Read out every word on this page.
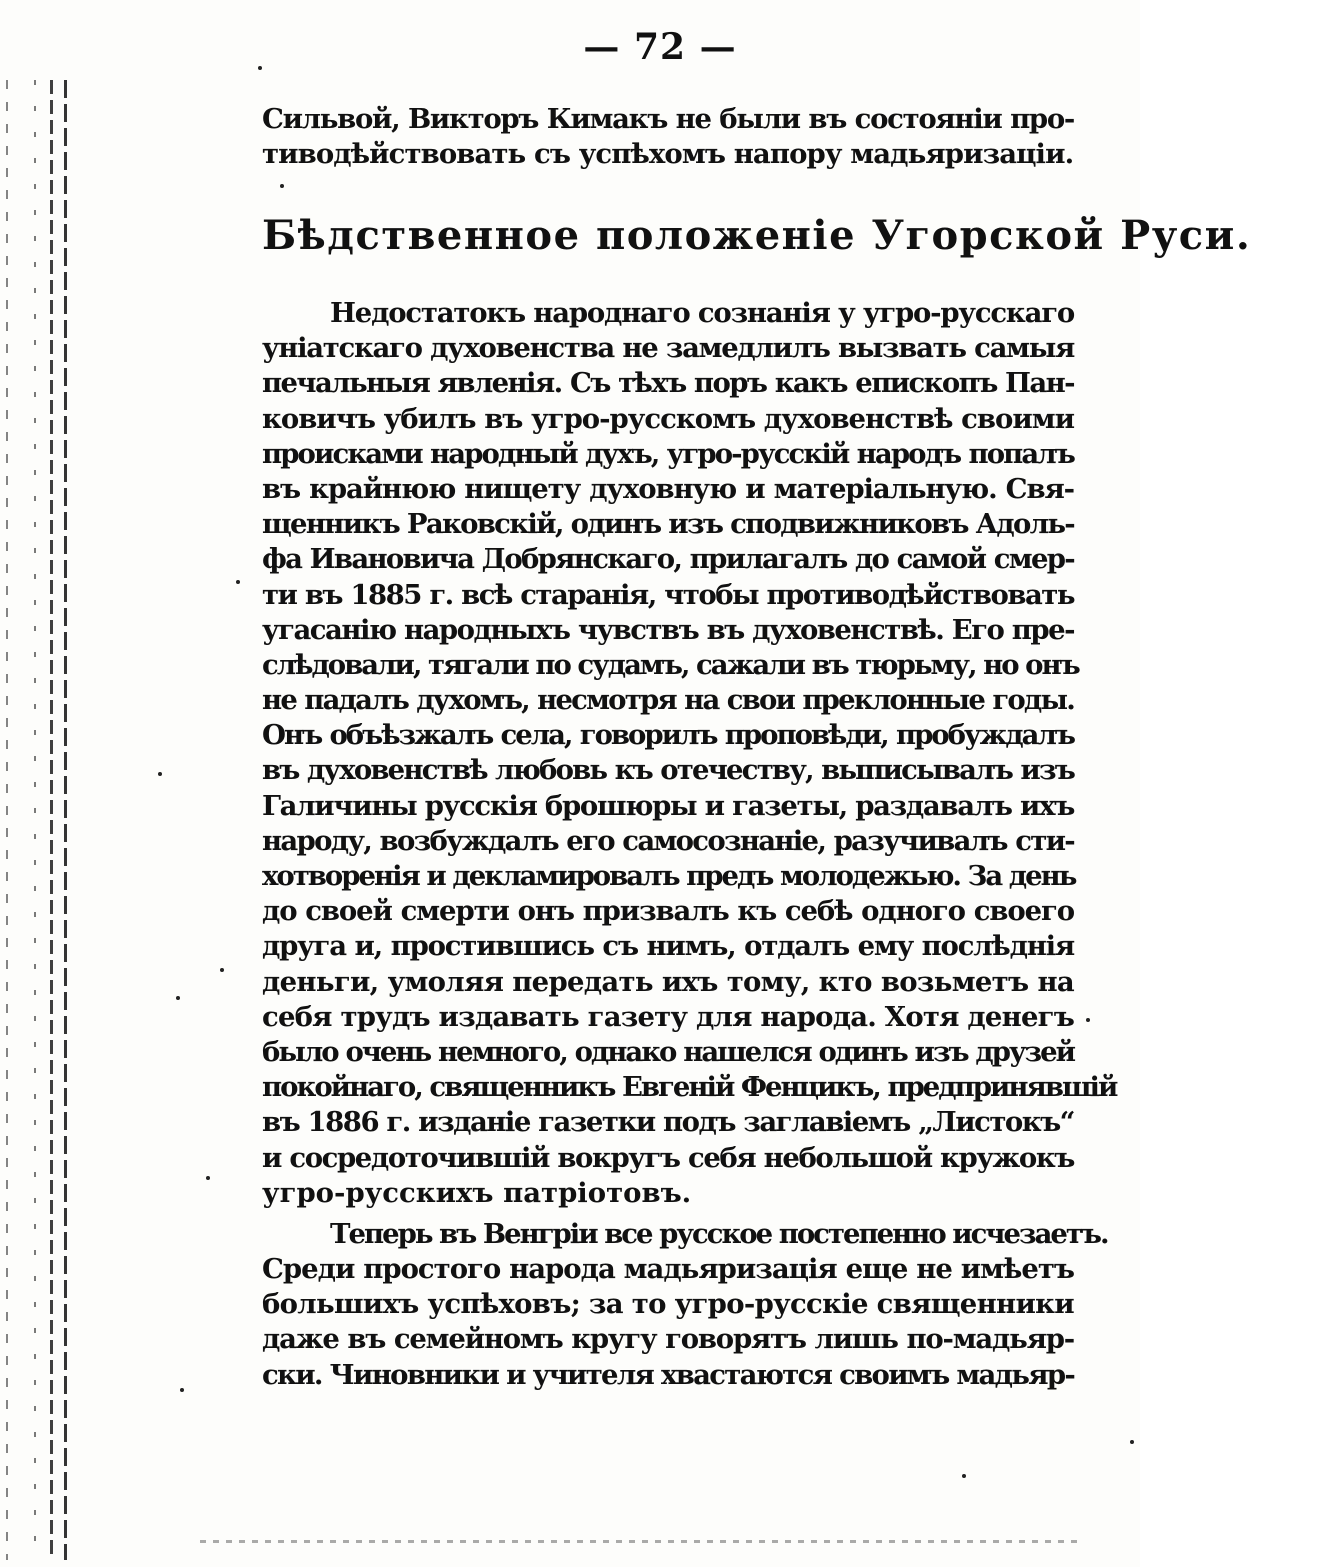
— 72 —
Сильвой, Викторъ Кимакъ не были въ состоянiи про-
тиводѣйствовать съ успѣхомъ напору мадьяризацiи.
Бѣдственное положенiе Угорской Руси.
Недостатокъ народнаго сознанiя у угро-русскаго
унiатскаго духовенства не замедлилъ вызвать самыя
печальныя явленiя. Съ тѣхъ поръ какъ епископъ Пан-
ковичъ убилъ въ угро-русскомъ духовенствѣ своими
происками народный духъ, угро-русскiй народъ попалъ
въ крайнюю нищету духовную и матерiальную. Свя-
щенникъ Раковскiй, одинъ изъ сподвижниковъ Адоль-
фа Ивановича Добрянскаго, прилагалъ до самой смер-
ти въ 1885 г. всѣ старанiя, чтобы противодѣйствовать
угасанiю народныхъ чувствъ въ духовенствѣ. Его пре-
слѣдовали, тягали по судамъ, сажали въ тюрьму, но онъ
не падалъ духомъ, несмотря на свои преклонные годы.
Онъ объѣзжалъ села, говорилъ проповѣди, пробуждалъ
въ духовенствѣ любовь къ отечеству, выписывалъ изъ
Галичины русскiя брошюры и газеты, раздавалъ ихъ
народу, возбуждалъ его самосознанiе, разучивалъ сти-
хотворенiя и декламировалъ предъ молодежью. За день
до своей смерти онъ призвалъ къ себѣ одного своего
друга и, простившись съ нимъ, отдалъ ему послѣднiя
деньги, умоляя передать ихъ тому, кто возьметъ на
себя трудъ издавать газету для народа. Хотя денегъ
было очень немного, однако нашелся одинъ изъ друзей
покойнаго, священникъ Евгенiй Фенцикъ, предпринявшiй
въ 1886 г. изданiе газетки подъ заглавiемъ „Листокъ“
и сосредоточившiй вокругъ себя небольшой кружокъ
угро-русскихъ патрiотовъ.
Теперь въ Венгрiи все русское постепенно исчезаетъ.
Среди простого народа мадьяризацiя еще не имѣетъ
большихъ успѣховъ; за то угро-русскiе священники
даже въ семейномъ кругу говорятъ лишь по-мадьяр-
ски. Чиновники и учителя хвастаются своимъ мадьяр-
